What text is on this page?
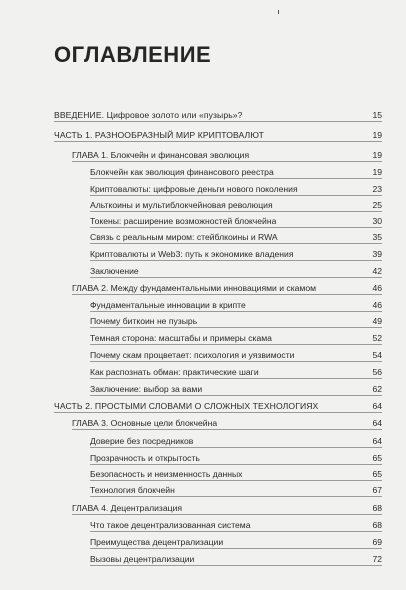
ОГЛАВЛЕНИЕ
ВВЕДЕНИЕ. Цифровое золото или «пузырь»?	15
ЧАСТЬ 1. РАЗНООБРАЗНЫЙ МИР КРИПТОВАЛЮТ	19
ГЛАВА 1. Блокчейн и финансовая эволюция	19
Блокчейн как эволюция финансового реестра	19
Криптовалюты: цифровые деньги нового поколения	23
Альткоины и мультиблокчейновая революция	25
Токены: расширение возможностей блокчейна	30
Связь с реальным миром: стейблкоины и RWA	35
Криптовалюты и Web3: путь к экономике владения	39
Заключение	42
ГЛАВА 2. Между фундаментальными инновациями и скамом	46
Фундаментальные инновации в крипте	46
Почему биткоин не пузырь	49
Темная сторона: масштабы и примеры скама	52
Почему скам процветает: психология и уязвимости	54
Как распознать обман: практические шаги	56
Заключение: выбор за вами	62
ЧАСТЬ 2. ПРОСТЫМИ СЛОВАМИ О СЛОЖНЫХ ТЕХНОЛОГИЯХ	64
ГЛАВА 3. Основные цели блокчейна	64
Доверие без посредников	64
Прозрачность и открытость	65
Безопасность и неизменность данных	65
Технология блокчейн	67
ГЛАВА 4. Децентрализация	68
Что такое децентрализованная система	68
Преимущества децентрализации	69
Вызовы децентрализации	72
